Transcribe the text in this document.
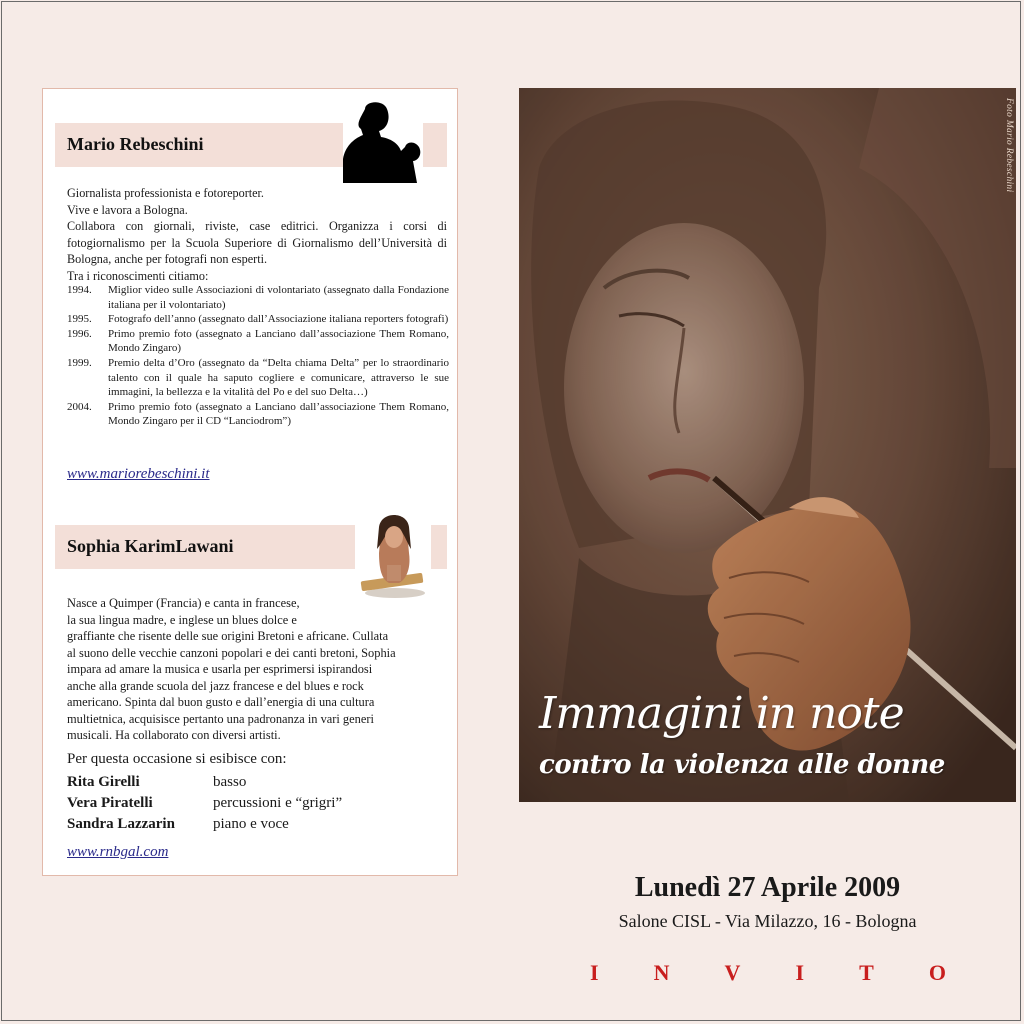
Mario Rebeschini

Giornalista professionista e fotoreporter.

Vive e lavora a Bologna.

Collabora con giornali, riviste, case editrici. Organizza i corsi di fotogiornalismo per la Scuola Superiore di Giornalismo dell’Università di Bologna, anche per fotografi non esperti.

Tra i riconoscimenti citiamo:

1994.	Miglior video sulle Associazioni di volontariato (assegnato dalla Fondazione italiana per il volontariato)
1995.	Fotografo dell’anno (assegnato dall’Associazione italiana reporters fotografi)
1996.	Primo premio foto (assegnato a Lanciano dall’associazione Them Romano, Mondo Zingaro)
1999.	Premio delta d’Oro (assegnato da “Delta chiama Delta” per lo straordinario talento con il quale ha saputo cogliere e comunicare, attraverso le sue immagini, la bellezza e la vitalità del Po e del suo Delta…)
2004.	Primo premio foto (assegnato a Lanciano dall’associazione Them Romano, Mondo Zingaro per il CD “Lanciodrom”)
www.mariorebeschini.it
Sophia KarimLawani
Nasce a Quimper (Francia) e canta in francese,
la sua lingua madre, e inglese un blues dolce e
graffiante che risente delle sue origini Bretoni e africane. Cullata
al suono delle vecchie canzoni popolari e dei canti bretoni, Sophia
impara ad amare la musica e usarla per esprimersi ispirandosi
anche alla grande scuola del jazz francese e del blues e rock
americano. Spinta dal buon gusto e dall’energia di una cultura
multietnica, acquisisce pertanto una padronanza in vari generi
musicali. Ha collaborato con diversi artisti.
Per questa occasione si esibisce con:
Rita Girelli	basso
Vera Piratelli	percussioni e “grigri”
Sandra Lazzarin	piano e voce
www.rnbgal.com
Foto Mario Rebeschini
Immagini in note
contro la violenza alle donne
Lunedì 27 Aprile 2009
Salone CISL - Via Milazzo, 16 - Bologna
I	N	V	I	T	O
